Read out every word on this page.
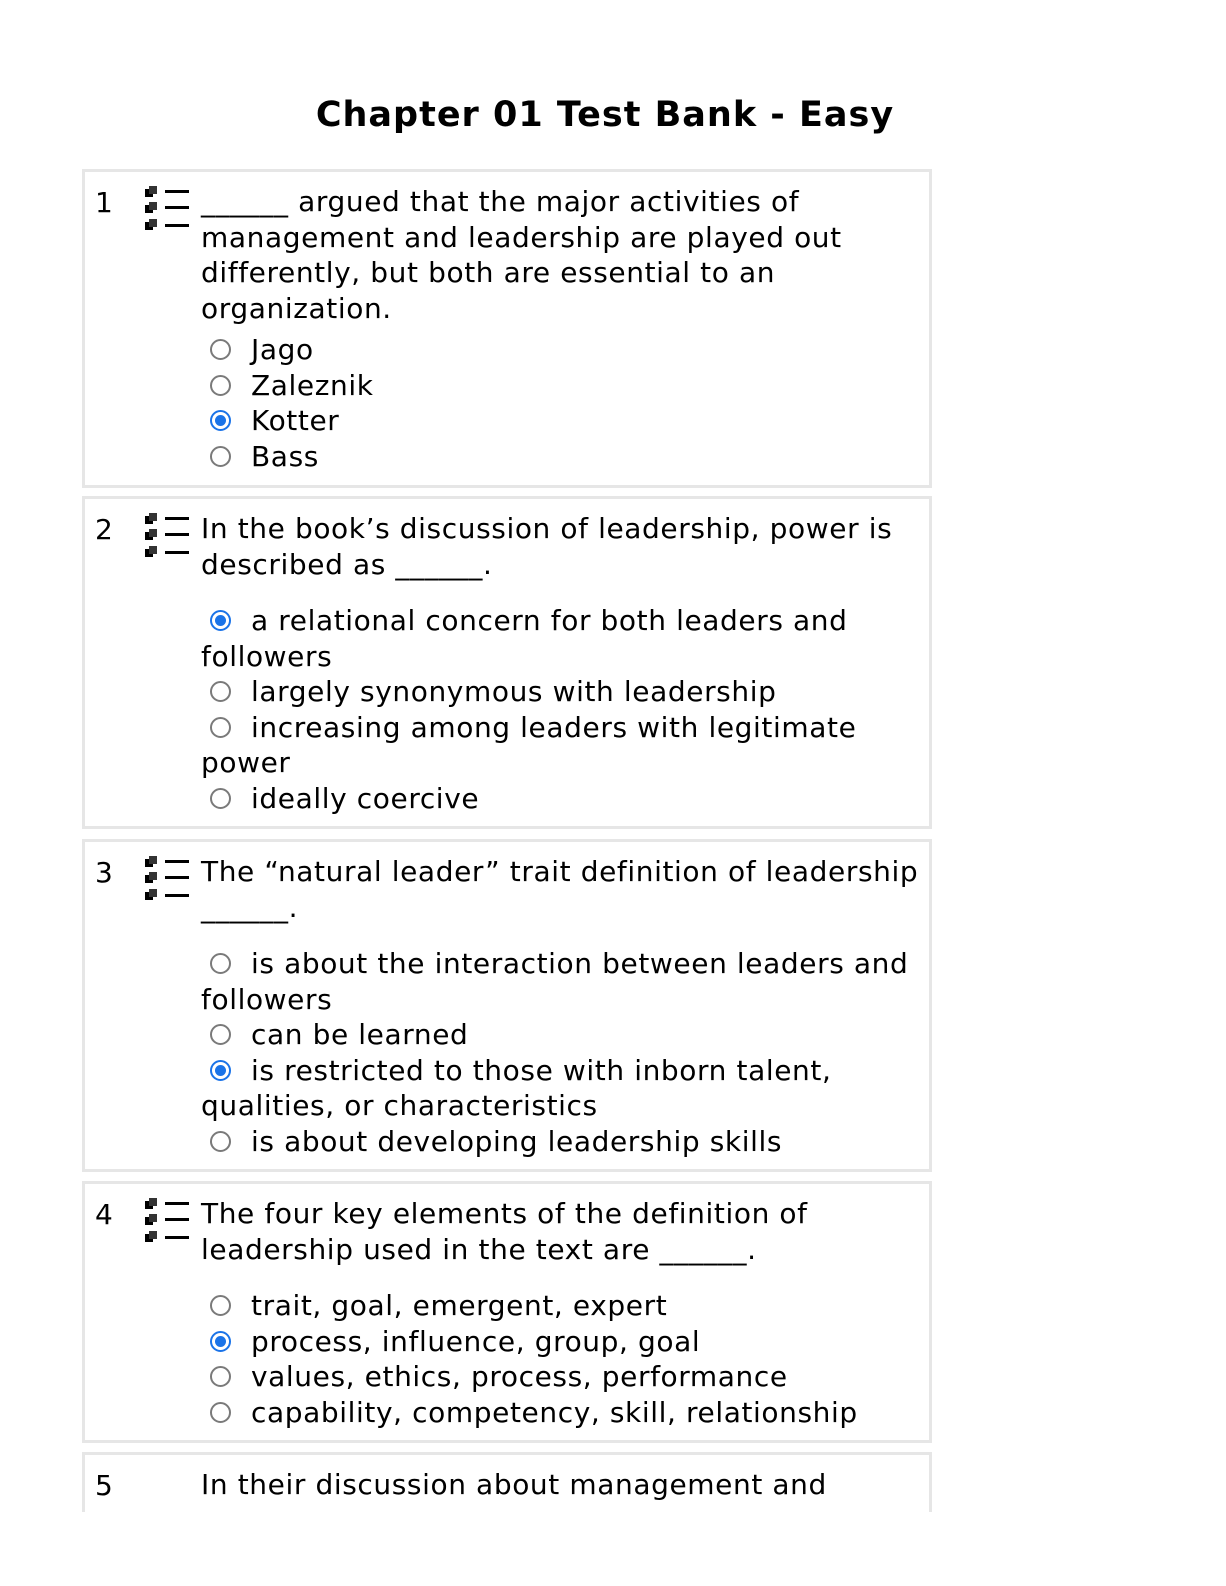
Chapter 01 Test Bank - Easy
1	______ argued that the major activities of management and leadership are played out differently, but both are essential to an organization.

Jago
Zaleznik
Kotter
Bass
2	In the book’s discussion of leadership, power is described as ______.

a relational concern for both leaders and followers
largely synonymous with leadership
increasing among leaders with legitimate power
ideally coercive
3	The “natural leader” trait definition of leadership ______.

is about the interaction between leaders and followers
can be learned
is restricted to those with inborn talent, qualities, or characteristics
is about developing leadership skills
4	The four key elements of the definition of leadership used in the text are ______.

trait, goal, emergent, expert
process, influence, group, goal
values, ethics, process, performance
capability, competency, skill, relationship
5	In their discussion about management and
